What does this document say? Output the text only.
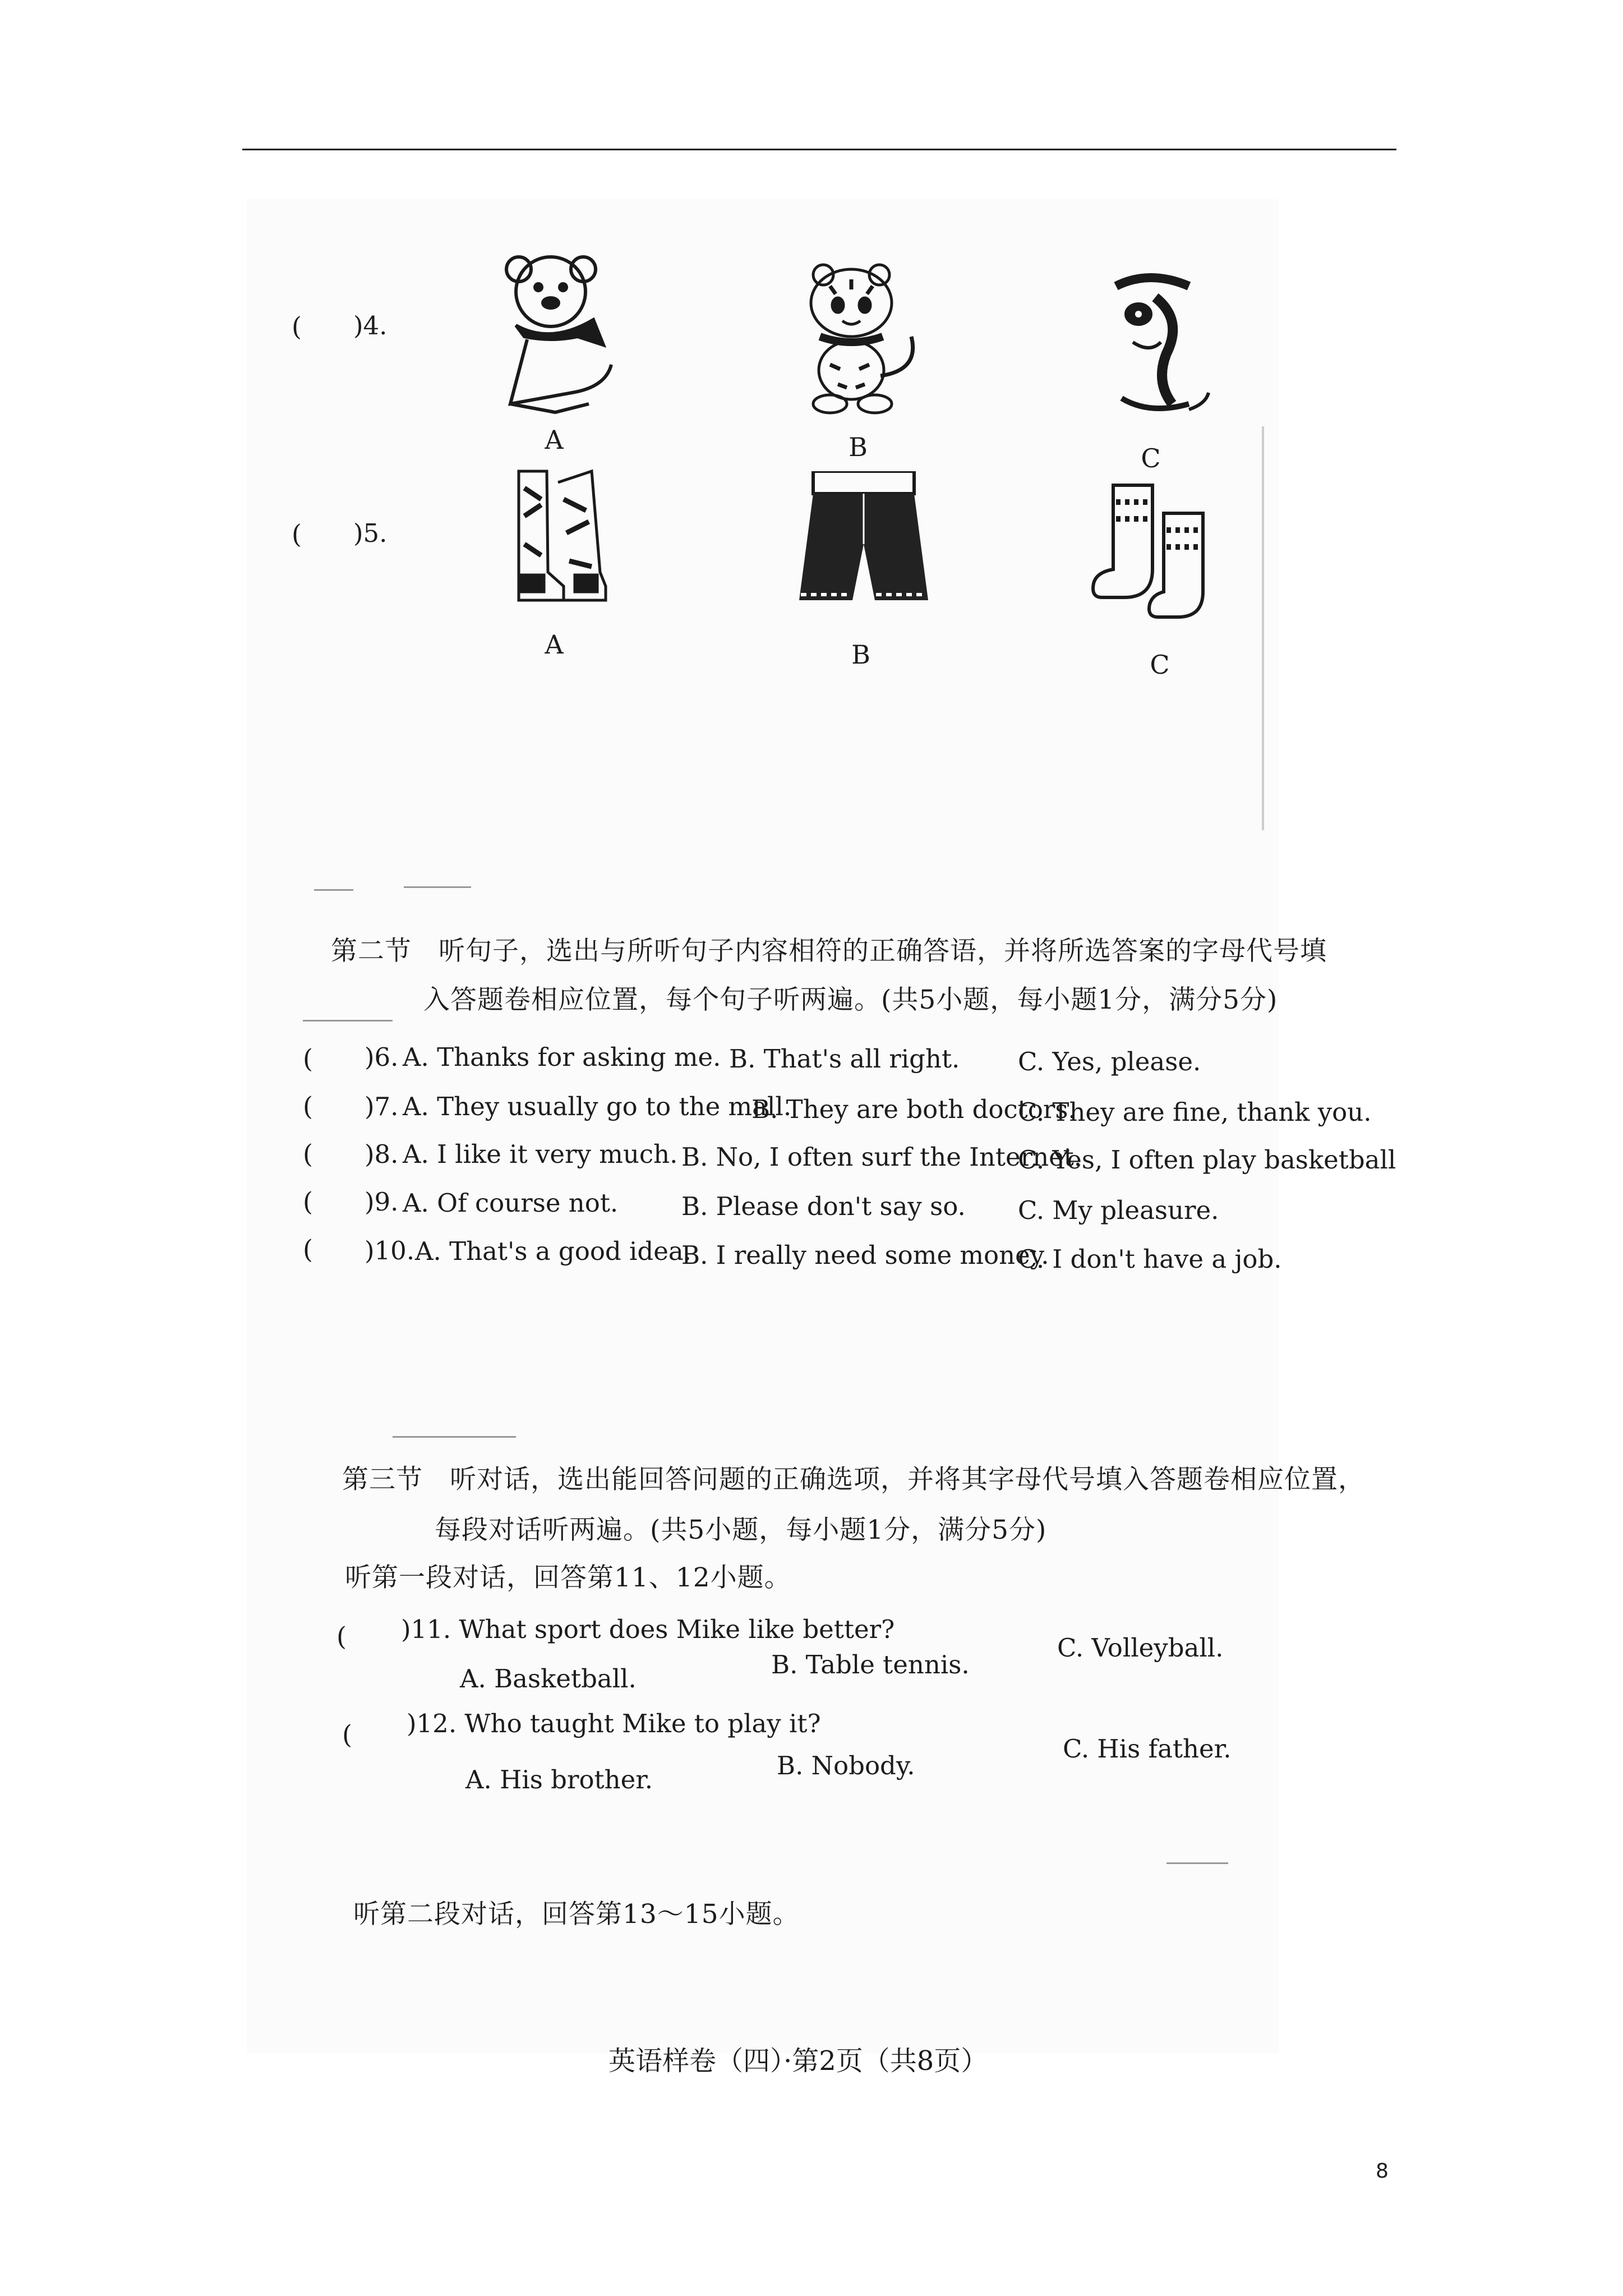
( )4.
A	B	C
( )5.
A	B	C
第二节　听句子，选出与所听句子内容相符的正确答语，并将所选答案的字母代号填
入答题卷相应位置，每个句子听两遍。(共5小题，每小题1分，满分5分)
( )6. A. Thanks for asking me. B. That's all right. C. Yes, please.
( )7. A. They usually go to the mall.
B. They are both doctors.
C. They are fine, thank you.
( )8. A. I like it very much. B. No, I often surf the Internet.
C. Yes, I often play basketball
( )9. A. Of course not.	B. Please don't say so. C. My pleasure.
( )10. A. That's a good idea.
B. I really need some money.
C. I don't have a job.
第三节　听对话，选出能回答问题的正确选项，并将其字母代号填入答题卷相应位置，
每段对话听两遍。(共5小题，每小题1分，满分5分)
听第一段对话，回答第11、12小题。
( )11. What sport does Mike like better?
A. Basketball.	B. Table tennis.
C. Volleyball.
( )12. Who taught Mike to play it?
A. His brother.	B. Nobody.
C. His father.
听第二段对话，回答第13～15小题。
英语样卷（四）·第2页（共8页）
8
